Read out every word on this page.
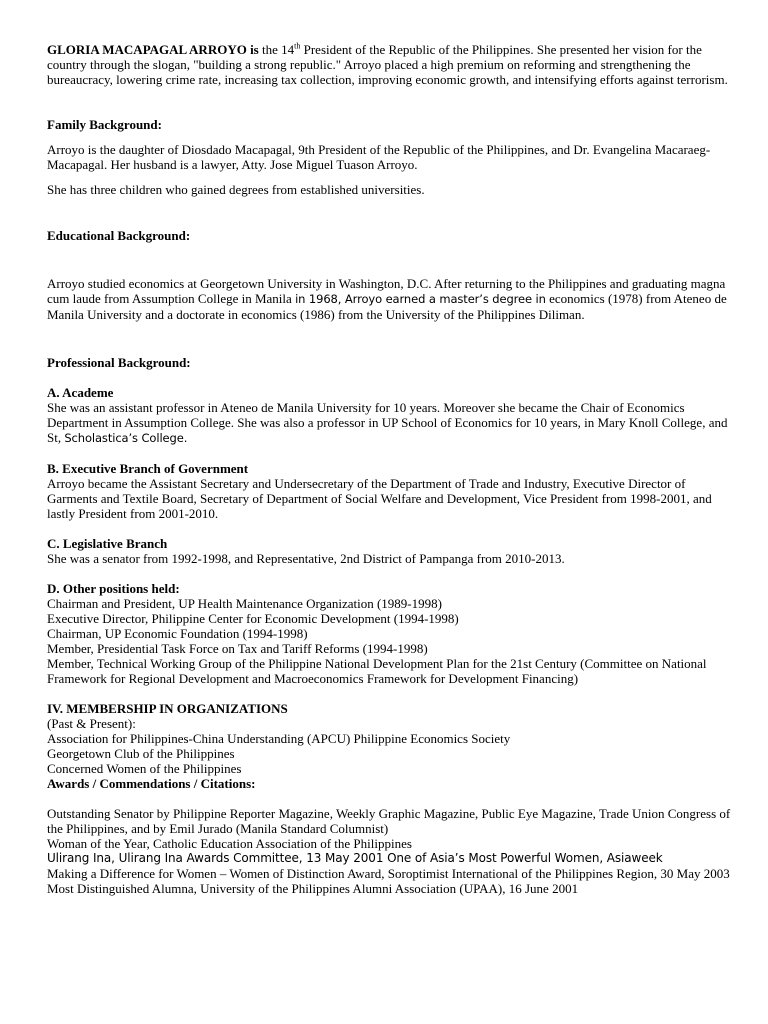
GLORIA MACAPAGAL ARROYO is the 14th President of the Republic of the Philippines. She presented her vision for the country through the slogan, "building a strong republic." Arroyo placed a high premium on reforming and strengthening the bureaucracy, lowering crime rate, increasing tax collection, improving economic growth, and intensifying efforts against terrorism.

Family Background:

Arroyo is the daughter of Diosdado Macapagal, 9th President of the Republic of the Philippines, and Dr. Evangelina Macaraeg-Macapagal. Her husband is a lawyer, Atty. Jose Miguel Tuason Arroyo.

She has three children who gained degrees from established universities.

Educational Background:

Arroyo studied economics at Georgetown University in Washington, D.C. After returning to the Philippines and graduating magna cum laude from Assumption College in Manila in 1968, Arroyo earned a master’s degree in economics (1978) from Ateneo de Manila University and a doctorate in economics (1986) from the University of the Philippines Diliman.

Professional Background:

A. Academe

She was an assistant professor in Ateneo de Manila University for 10 years. Moreover she became the Chair of Economics Department in Assumption College. She was also a professor in UP School of Economics for 10 years, in Mary Knoll College, and St, Scholastica’s College.

B. Executive Branch of Government

Arroyo became the Assistant Secretary and Undersecretary of the Department of Trade and Industry, Executive Director of Garments and Textile Board, Secretary of Department of Social Welfare and Development, Vice President from 1998-2001, and lastly President from 2001-2010.

C. Legislative Branch

She was a senator from 1992-1998, and Representative, 2nd District of Pampanga from 2010-2013.

D. Other positions held:

Chairman and President, UP Health Maintenance Organization (1989-1998)
Executive Director, Philippine Center for Economic Development (1994-1998)
Chairman, UP Economic Foundation (1994-1998)
Member, Presidential Task Force on Tax and Tariff Reforms (1994-1998)

Member, Technical Working Group of the Philippine National Development Plan for the 21st Century (Committee on National Framework for Regional Development and Macroeconomics Framework for Development Financing)

IV. MEMBERSHIP IN ORGANIZATIONS

(Past & Present):

Association for Philippines-China Understanding (APCU) Philippine Economics Society
Georgetown Club of the Philippines
Concerned Women of the Philippines

Awards / Commendations / Citations:

Outstanding Senator by Philippine Reporter Magazine, Weekly Graphic Magazine, Public Eye Magazine, Trade Union Congress of the Philippines, and by Emil Jurado (Manila Standard Columnist)

Woman of the Year, Catholic Education Association of the Philippines

Ulirang Ina, Ulirang Ina Awards Committee, 13 May 2001 One of Asia’s Most Powerful Women, Asiaweek

Making a Difference for Women – Women of Distinction Award, Soroptimist International of the Philippines Region, 30 May 2003

Most Distinguished Alumna, University of the Philippines Alumni Association (UPAA), 16 June 2001
